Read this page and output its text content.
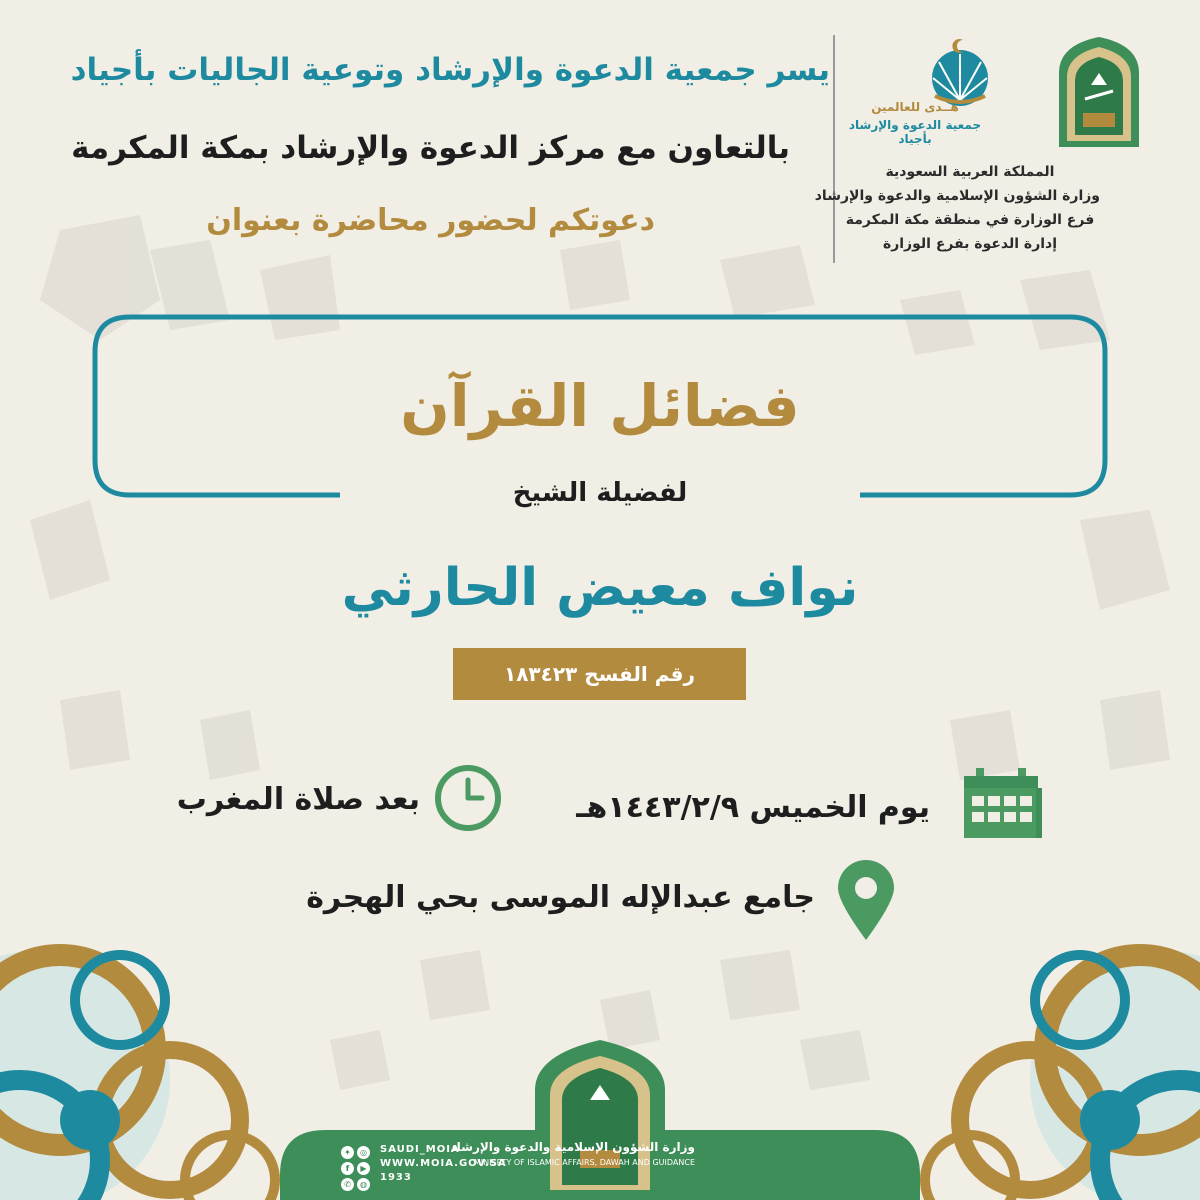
يسر جمعية الدعوة والإرشاد وتوعية الجاليات بأجياد
بالتعاون مع مركز الدعوة والإرشاد بمكة المكرمة
دعوتكم لحضور محاضرة بعنوان
هــدى للعالمين
جمعية الدعوة والإرشاد بأجياد
المملكة العربية السعودية
وزارة الشؤون الإسلامية والدعوة والإرشاد
فرع الوزارة في منطقة مكة المكرمة
إدارة الدعوة بفرع الوزارة
فضائل القرآن
لفضيلة الشيخ
نواف معيض الحارثي
رقم الفسح ١٨٣٤٢٣
يوم الخميس ١٤٤٣/٢/٩هـ
بعد صلاة المغرب
جامع عبدالإله الموسى بحي الهجرة
وزارة الشؤون الإسلامية والدعوة والإرشاد
MINISRTY OF ISLAMIC AFFAIRS, DAWAH AND GUIDANCE
◎
✦
▶
f
◍
✆
SAUDI_MOIA
WWW.MOIA.GOV.SA
1933
